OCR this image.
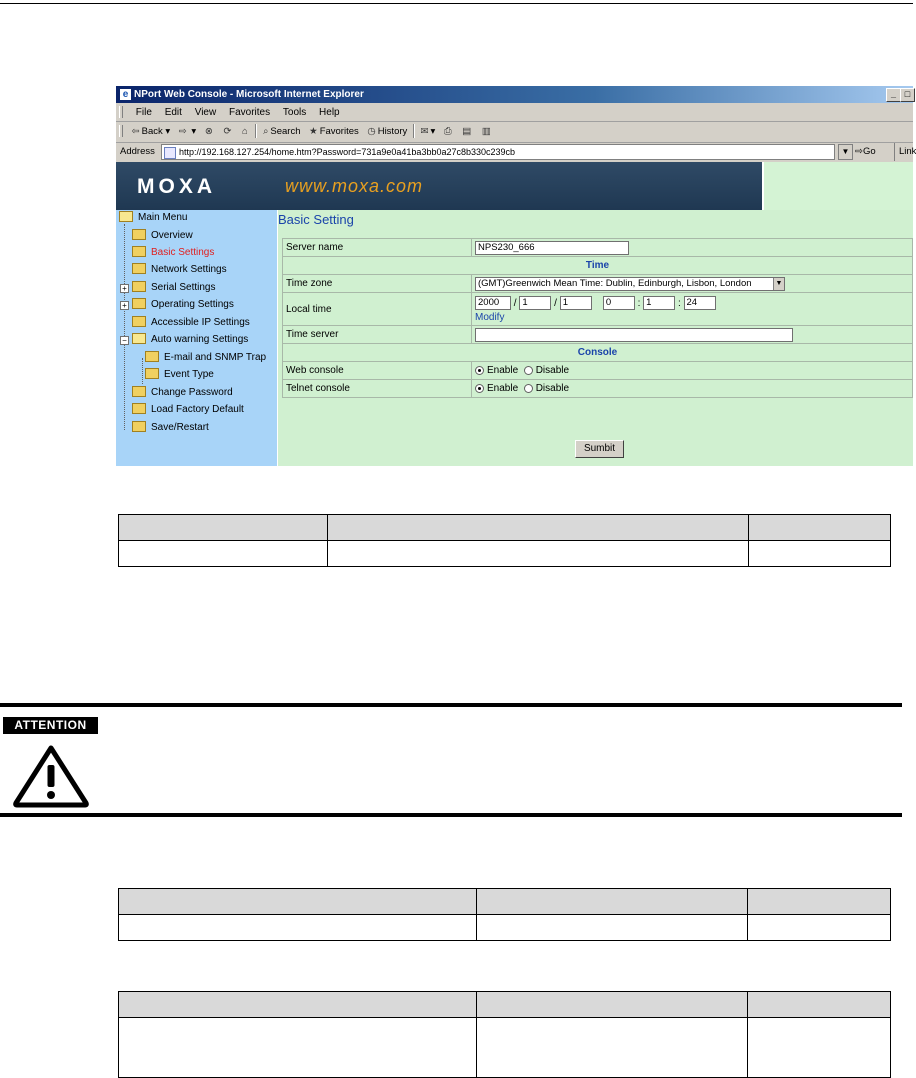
e NPort Web Console - Microsoft Internet Explorer	_ □
File Edit View Favorites Tools Help
⇦ Back ▾ ⇨ ▾ ⊗ ⟳ ⌂ ⌕ Search ★ Favorites ◷ History ✉ ▾ ⎙ ▤ ▥
Address	http://192.168.127.254/home.htm?Password=731a9e0a41ba3bb0a27c8b330c239cb	▼ ⇨Go	Link
MOXA	www.moxa.com
Main Menu
Overview
Basic Settings
Network Settings
+	Serial Settings
+	Operating Settings
Accessible IP Settings
−	Auto warning Settings
E-mail and SNMP Trap
Event Type
Change Password
Load Factory Default
Save/Restart
Basic Setting
Server name	NPS230_666
Time	
Time zone	(GMT)Greenwich Mean Time: Dublin, Edinburgh, Lisbon, London ▼

Local time	2000 / 1 / 1 0 : 1 : 24
Modify

Time server	
Console	
Web console	Enable Disable
Telnet console	Enable Disable
Sumbit

ATTENTION
